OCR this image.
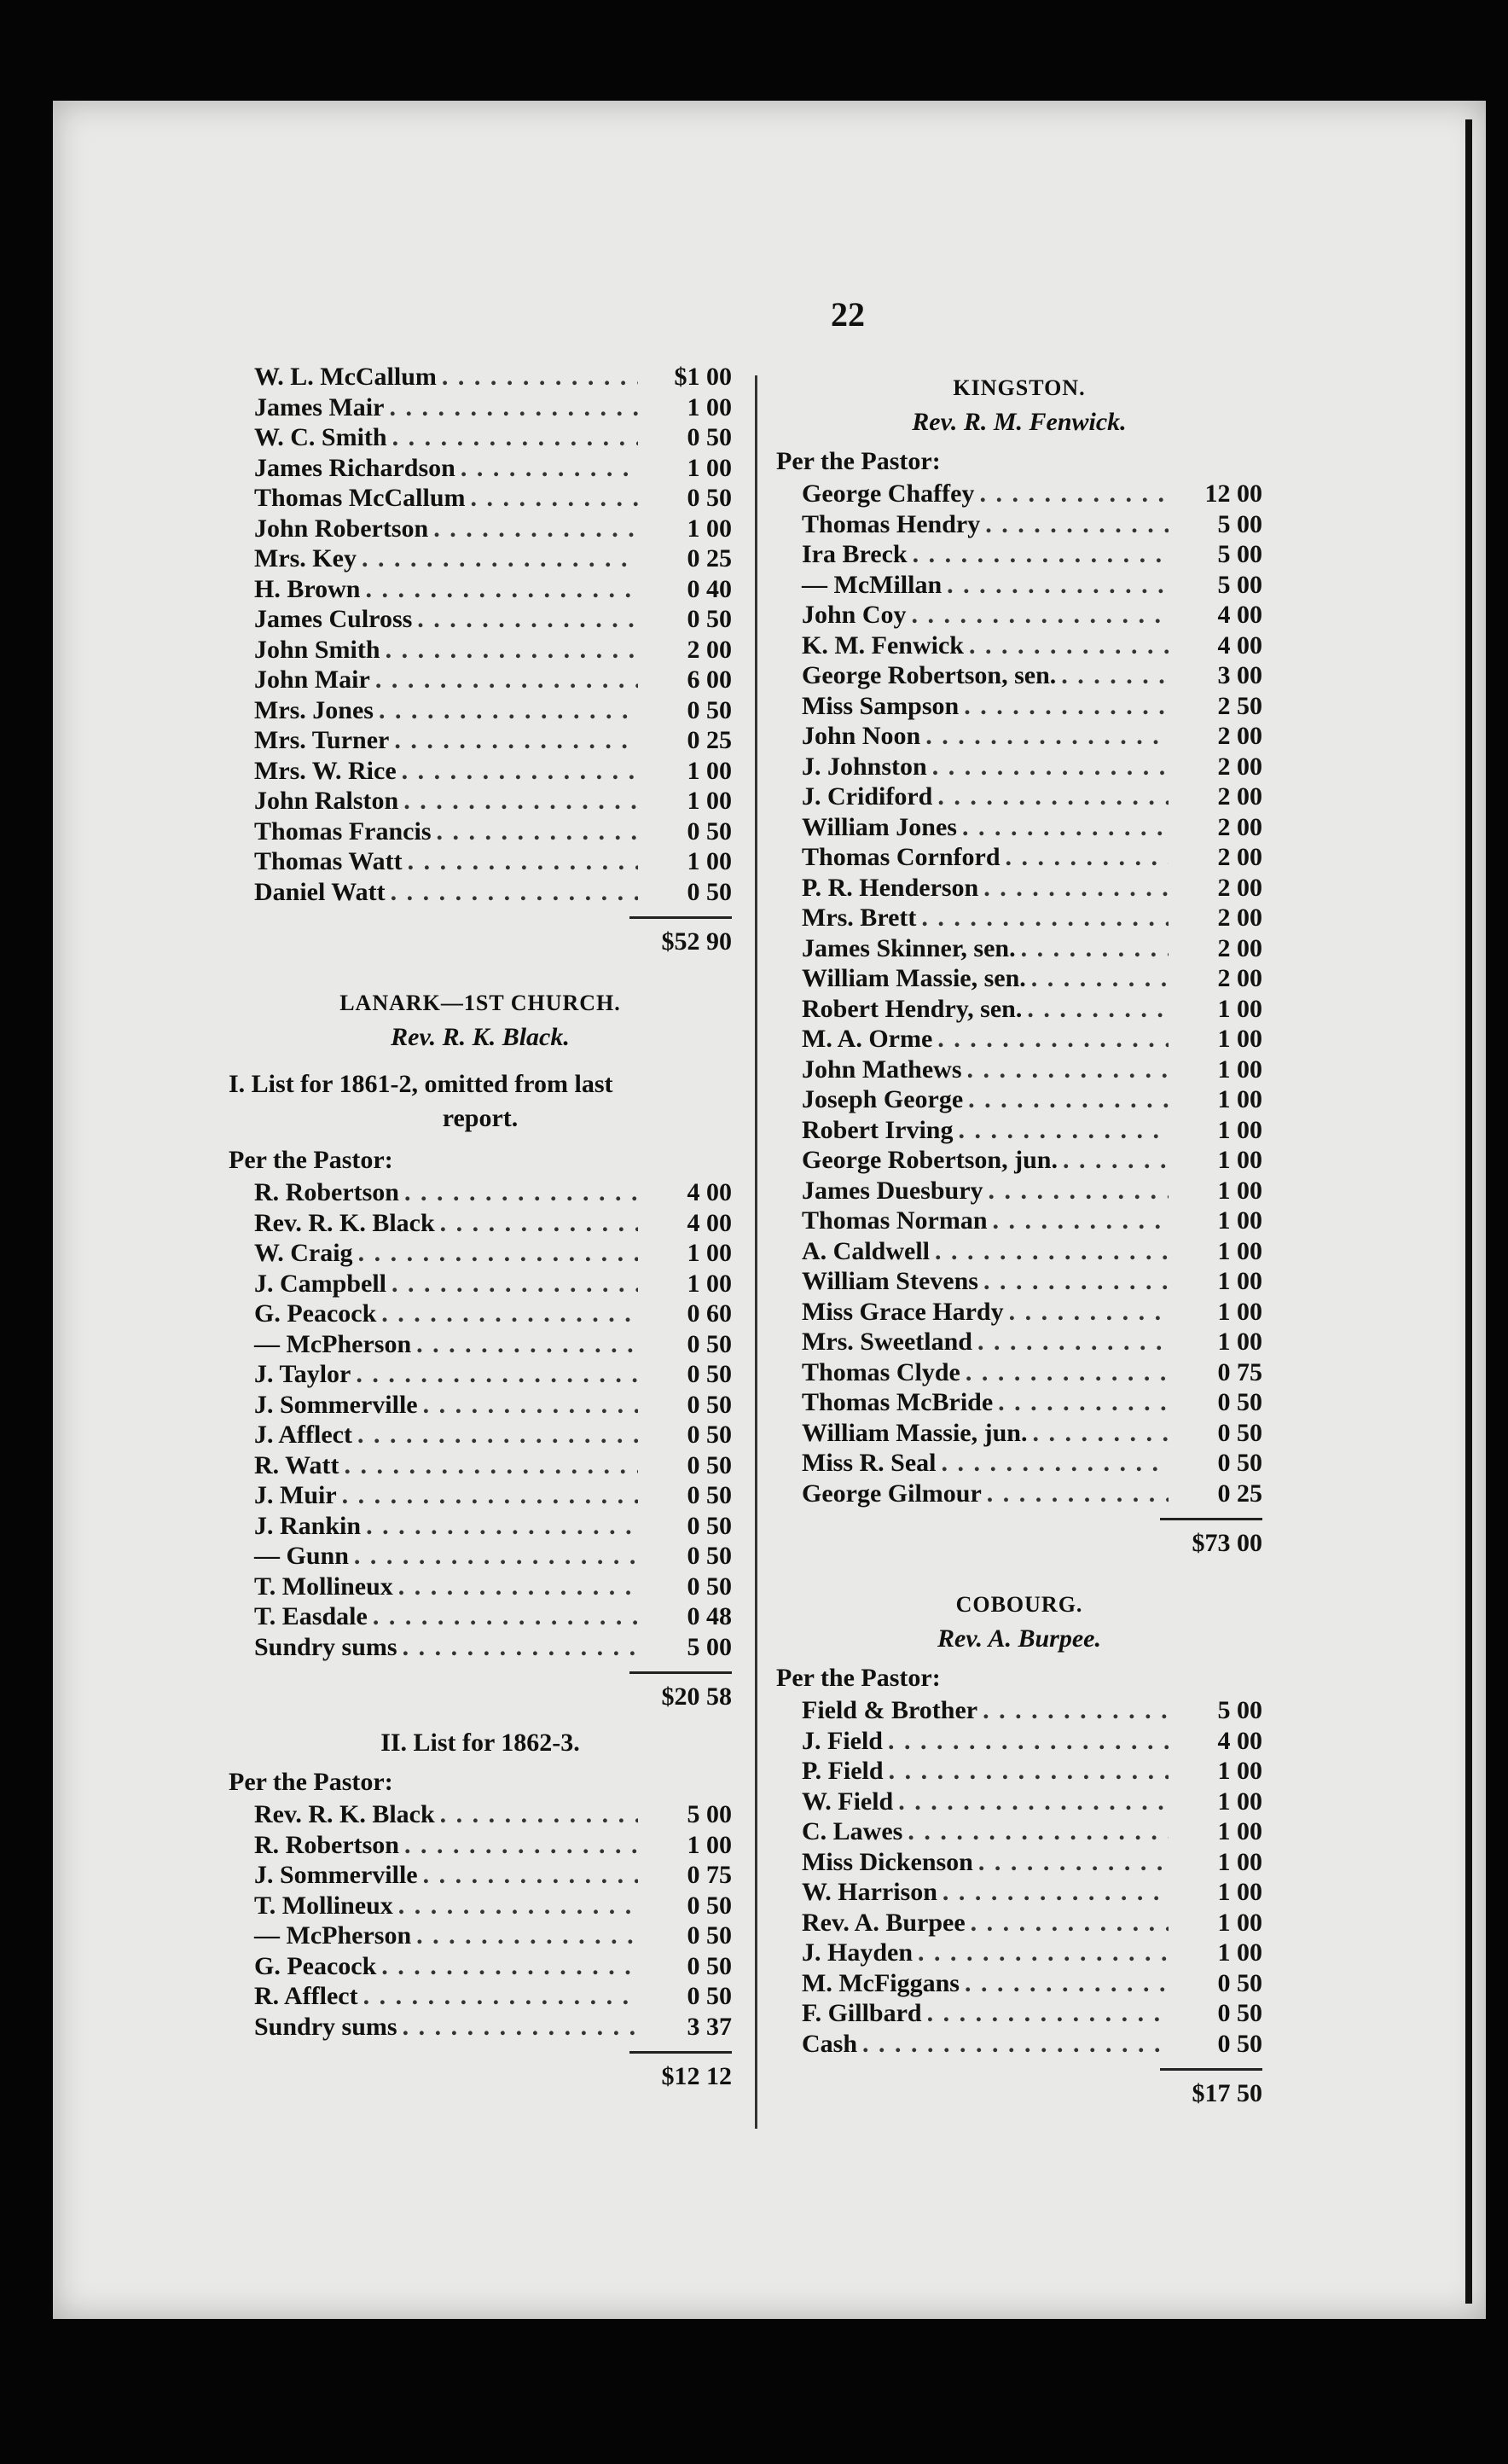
22
W. L. McCallum . . .	$1 00
James Mair . . .	1 00
W. C. Smith . . .	0 50
James Richardson . . .	1 00
Thomas McCallum . . .	0 50
John Robertson . . .	1 00
Mrs. Key . . .	0 25
H. Brown . . .	0 40
James Culross . . .	0 50
John Smith . . .	2 00
John Mair . . .	6 00
Mrs. Jones . . .	0 50
Mrs. Turner . . .	0 25
Mrs. W. Rice . . .	1 00
John Ralston . . .	1 00
Thomas Francis . . .	0 50
Thomas Watt . . .	1 00
Daniel Watt . . .	0 50
$52 90
LANARK—1ST CHURCH.
Rev. R. K. Black.
I. List for 1861-2, omitted from last
report.
Per the Pastor:
R. Robertson . . .	4 00
Rev. R. K. Black . . .	4 00
W. Craig . . .	1 00
J. Campbell . . .	1 00
G. Peacock . . .	0 60
— McPherson . . .	0 50
J. Taylor . . .	0 50
J. Sommerville . . .	0 50
J. Afflect . . .	0 50
R. Watt . . .	0 50
J. Muir . . .	0 50
J. Rankin . . .	0 50
— Gunn . . .	0 50
T. Mollineux . . .	0 50
T. Easdale . . .	0 48
Sundry sums . . .	5 00
$20 58
II. List for 1862-3.
Per the Pastor:
Rev. R. K. Black . . .	5 00
R. Robertson . . .	1 00
J. Sommerville . . .	0 75
T. Mollineux . . .	0 50
— McPherson . . .	0 50
G. Peacock . . .	0 50
R. Afflect . . .	0 50
Sundry sums . . .	3 37
$12 12
KINGSTON.
Rev. R. M. Fenwick.
Per the Pastor:
George Chaffey . . .	12 00
Thomas Hendry . . .	5 00
Ira Breck . . .	5 00
— McMillan . . .	5 00
John Coy . . .	4 00
K. M. Fenwick . . .	4 00
George Robertson, sen. . . .	3 00
Miss Sampson . . .	2 50
John Noon . . .	2 00
J. Johnston . . .	2 00
J. Cridiford . . .	2 00
William Jones . . .	2 00
Thomas Cornford . . .	2 00
P. R. Henderson . . .	2 00
Mrs. Brett . . .	2 00
James Skinner, sen. . . .	2 00
William Massie, sen. . . .	2 00
Robert Hendry, sen. . . .	1 00
M. A. Orme . . .	1 00
John Mathews . . .	1 00
Joseph George . . .	1 00
Robert Irving . . .	1 00
George Robertson, jun. . . .	1 00
James Duesbury . . .	1 00
Thomas Norman . . .	1 00
A. Caldwell . . .	1 00
William Stevens . . .	1 00
Miss Grace Hardy . . .	1 00
Mrs. Sweetland . . .	1 00
Thomas Clyde . . .	0 75
Thomas McBride . . .	0 50
William Massie, jun. . . .	0 50
Miss R. Seal . . .	0 50
George Gilmour . . .	0 25
$73 00
COBOURG.
Rev. A. Burpee.
Per the Pastor:
Field & Brother . . .	5 00
J. Field . . .	4 00
P. Field . . .	1 00
W. Field . . .	1 00
C. Lawes . . .	1 00
Miss Dickenson . . .	1 00
W. Harrison . . .	1 00
Rev. A. Burpee . . .	1 00
J. Hayden . . .	1 00
M. McFiggans . . .	0 50
F. Gillbard . . .	0 50
Cash . . .	0 50
$17 50
